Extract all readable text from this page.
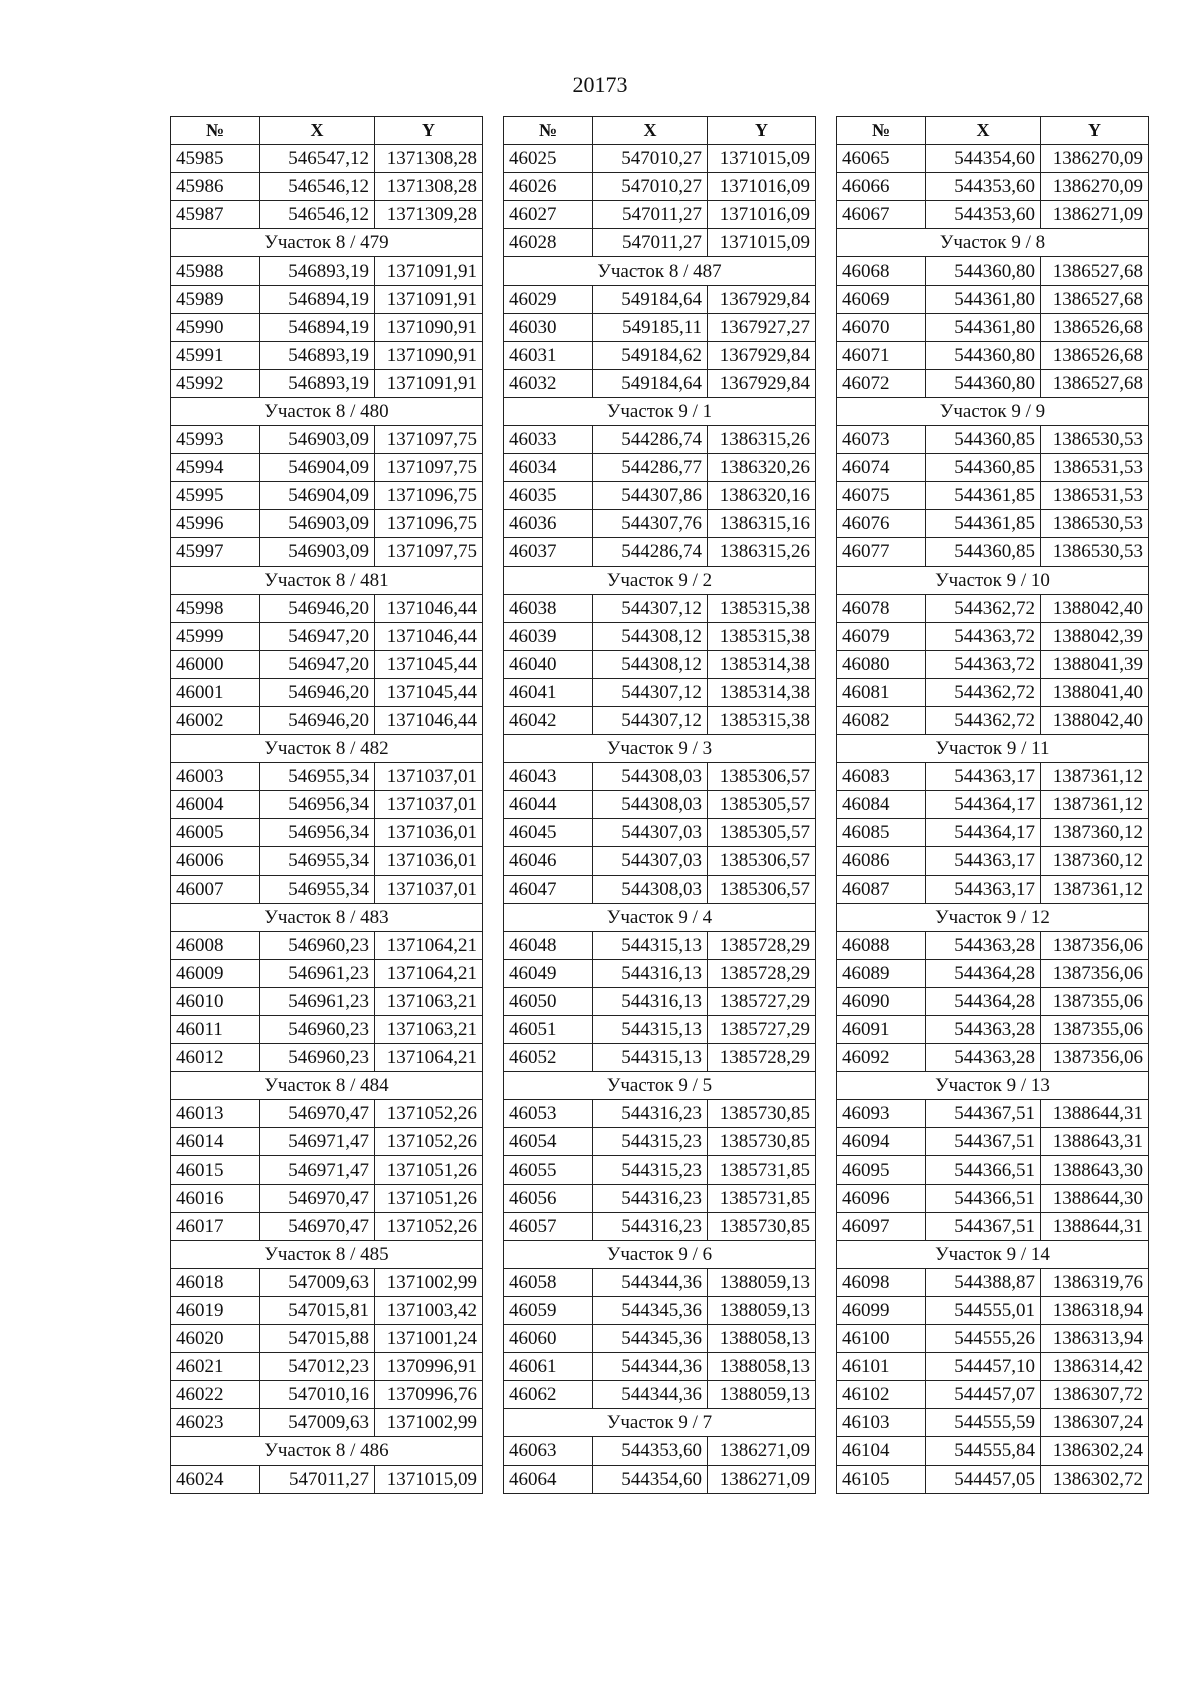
20173
№	X	Y
45985	546547,12	1371308,28
45986	546546,12	1371308,28
45987	546546,12	1371309,28
Участок 8 / 479		
45988	546893,19	1371091,91
45989	546894,19	1371091,91
45990	546894,19	1371090,91
45991	546893,19	1371090,91
45992	546893,19	1371091,91
Участок 8 / 480		
45993	546903,09	1371097,75
45994	546904,09	1371097,75
45995	546904,09	1371096,75
45996	546903,09	1371096,75
45997	546903,09	1371097,75
Участок 8 / 481		
45998	546946,20	1371046,44
45999	546947,20	1371046,44
46000	546947,20	1371045,44
46001	546946,20	1371045,44
46002	546946,20	1371046,44
Участок 8 / 482		
46003	546955,34	1371037,01
46004	546956,34	1371037,01
46005	546956,34	1371036,01
46006	546955,34	1371036,01
46007	546955,34	1371037,01
Участок 8 / 483		
46008	546960,23	1371064,21
46009	546961,23	1371064,21
46010	546961,23	1371063,21
46011	546960,23	1371063,21
46012	546960,23	1371064,21
Участок 8 / 484		
46013	546970,47	1371052,26
46014	546971,47	1371052,26
46015	546971,47	1371051,26
46016	546970,47	1371051,26
46017	546970,47	1371052,26
Участок 8 / 485		
46018	547009,63	1371002,99
46019	547015,81	1371003,42
46020	547015,88	1371001,24
46021	547012,23	1370996,91
46022	547010,16	1370996,76
46023	547009,63	1371002,99
Участок 8 / 486		
46024	547011,27	1371015,09
№	X	Y
46025	547010,27	1371015,09
46026	547010,27	1371016,09
46027	547011,27	1371016,09
46028	547011,27	1371015,09
Участок 8 / 487		
46029	549184,64	1367929,84
46030	549185,11	1367927,27
46031	549184,62	1367929,84
46032	549184,64	1367929,84
Участок 9 / 1		
46033	544286,74	1386315,26
46034	544286,77	1386320,26
46035	544307,86	1386320,16
46036	544307,76	1386315,16
46037	544286,74	1386315,26
Участок 9 / 2		
46038	544307,12	1385315,38
46039	544308,12	1385315,38
46040	544308,12	1385314,38
46041	544307,12	1385314,38
46042	544307,12	1385315,38
Участок 9 / 3		
46043	544308,03	1385306,57
46044	544308,03	1385305,57
46045	544307,03	1385305,57
46046	544307,03	1385306,57
46047	544308,03	1385306,57
Участок 9 / 4		
46048	544315,13	1385728,29
46049	544316,13	1385728,29
46050	544316,13	1385727,29
46051	544315,13	1385727,29
46052	544315,13	1385728,29
Участок 9 / 5		
46053	544316,23	1385730,85
46054	544315,23	1385730,85
46055	544315,23	1385731,85
46056	544316,23	1385731,85
46057	544316,23	1385730,85
Участок 9 / 6		
46058	544344,36	1388059,13
46059	544345,36	1388059,13
46060	544345,36	1388058,13
46061	544344,36	1388058,13
46062	544344,36	1388059,13
Участок 9 / 7		
46063	544353,60	1386271,09
46064	544354,60	1386271,09
№	X	Y
46065	544354,60	1386270,09
46066	544353,60	1386270,09
46067	544353,60	1386271,09
Участок 9 / 8		
46068	544360,80	1386527,68
46069	544361,80	1386527,68
46070	544361,80	1386526,68
46071	544360,80	1386526,68
46072	544360,80	1386527,68
Участок 9 / 9		
46073	544360,85	1386530,53
46074	544360,85	1386531,53
46075	544361,85	1386531,53
46076	544361,85	1386530,53
46077	544360,85	1386530,53
Участок 9 / 10		
46078	544362,72	1388042,40
46079	544363,72	1388042,39
46080	544363,72	1388041,39
46081	544362,72	1388041,40
46082	544362,72	1388042,40
Участок 9 / 11		
46083	544363,17	1387361,12
46084	544364,17	1387361,12
46085	544364,17	1387360,12
46086	544363,17	1387360,12
46087	544363,17	1387361,12
Участок 9 / 12		
46088	544363,28	1387356,06
46089	544364,28	1387356,06
46090	544364,28	1387355,06
46091	544363,28	1387355,06
46092	544363,28	1387356,06
Участок 9 / 13		
46093	544367,51	1388644,31
46094	544367,51	1388643,31
46095	544366,51	1388643,30
46096	544366,51	1388644,30
46097	544367,51	1388644,31
Участок 9 / 14		
46098	544388,87	1386319,76
46099	544555,01	1386318,94
46100	544555,26	1386313,94
46101	544457,10	1386314,42
46102	544457,07	1386307,72
46103	544555,59	1386307,24
46104	544555,84	1386302,24
46105	544457,05	1386302,72
